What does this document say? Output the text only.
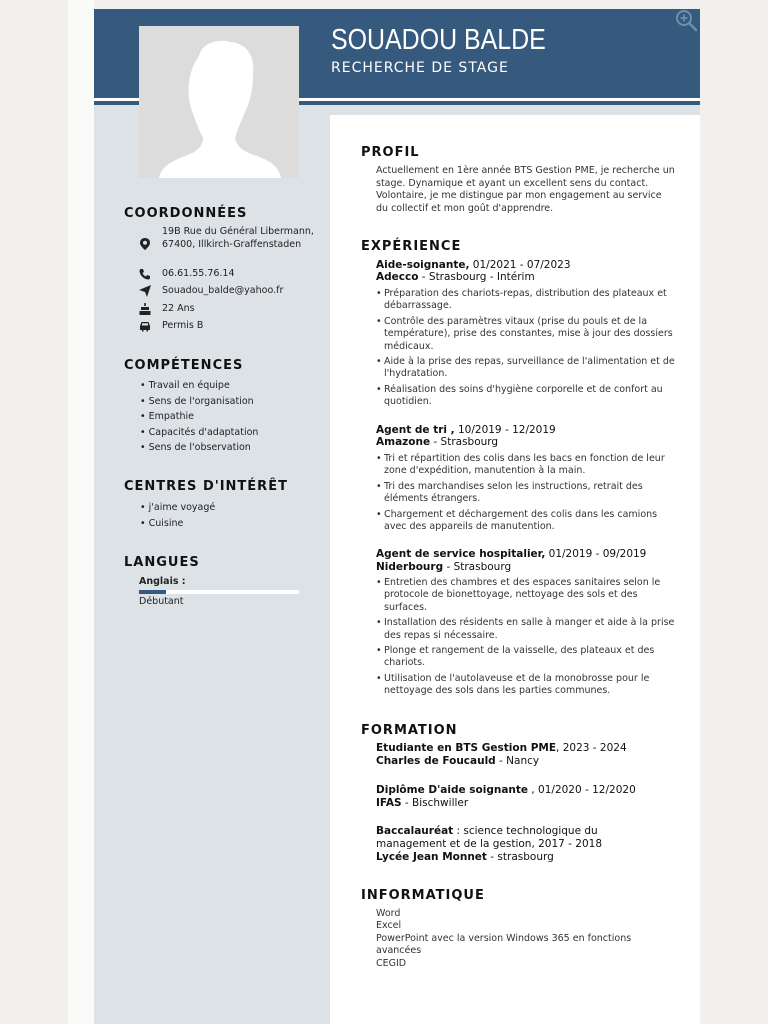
SOUADOU BALDE
RECHERCHE DE STAGE
COORDONNÉES
19B Rue du Général Libermann, 67400, Illkirch-Graffenstaden
06.61.55.76.14
Souadou_balde@yahoo.fr
22 Ans
Permis B
COMPÉTENCES
• Travail en équipe
• Sens de l'organisation
• Empathie
• Capacités d'adaptation
• Sens de l'observation
CENTRES D'INTÉRÊT
• j'aime voyagé
• Cuisine
LANGUES
Anglais :
Débutant
PROFIL
Actuellement en 1ère année BTS Gestion PME, je recherche un stage. Dynamique et ayant un excellent sens du contact. Volontaire, je me distingue par mon engagement au service du collectif et mon goût d'apprendre.
EXPÉRIENCE
Aide-soignante, 01/2021 - 07/2023
Adecco - Strasbourg - Intérim
• Préparation des chariots-repas, distribution des plateaux et débarrassage.
• Contrôle des paramètres vitaux (prise du pouls et de la température), prise des constantes, mise à jour des dossiers médicaux.
• Aide à la prise des repas, surveillance de l'alimentation et de l'hydratation.
• Réalisation des soins d'hygiène corporelle et de confort au quotidien.
Agent de tri , 10/2019 - 12/2019
Amazone - Strasbourg
• Tri et répartition des colis dans les bacs en fonction de leur zone d'expédition, manutention à la main.
• Tri des marchandises selon les instructions, retrait des éléments étrangers.
• Chargement et déchargement des colis dans les camions avec des appareils de manutention.
Agent de service hospitalier, 01/2019 - 09/2019
Niderbourg - Strasbourg
• Entretien des chambres et des espaces sanitaires selon le protocole de bionettoyage, nettoyage des sols et des surfaces.
• Installation des résidents en salle à manger et aide à la prise des repas si nécessaire.
• Plonge et rangement de la vaisselle, des plateaux et des chariots.
• Utilisation de l'autolaveuse et de la monobrosse pour le nettoyage des sols dans les parties communes.
FORMATION
Etudiante en BTS Gestion PME, 2023 - 2024
Charles de Foucauld - Nancy
Diplôme D'aide soignante , 01/2020 - 12/2020
IFAS - Bischwiller
Baccalauréat : science technologique du management et de la gestion, 2017 - 2018
Lycée Jean Monnet - strasbourg
INFORMATIQUE
Word
Excel
PowerPoint avec la version Windows 365 en fonctions avancées
CEGID
